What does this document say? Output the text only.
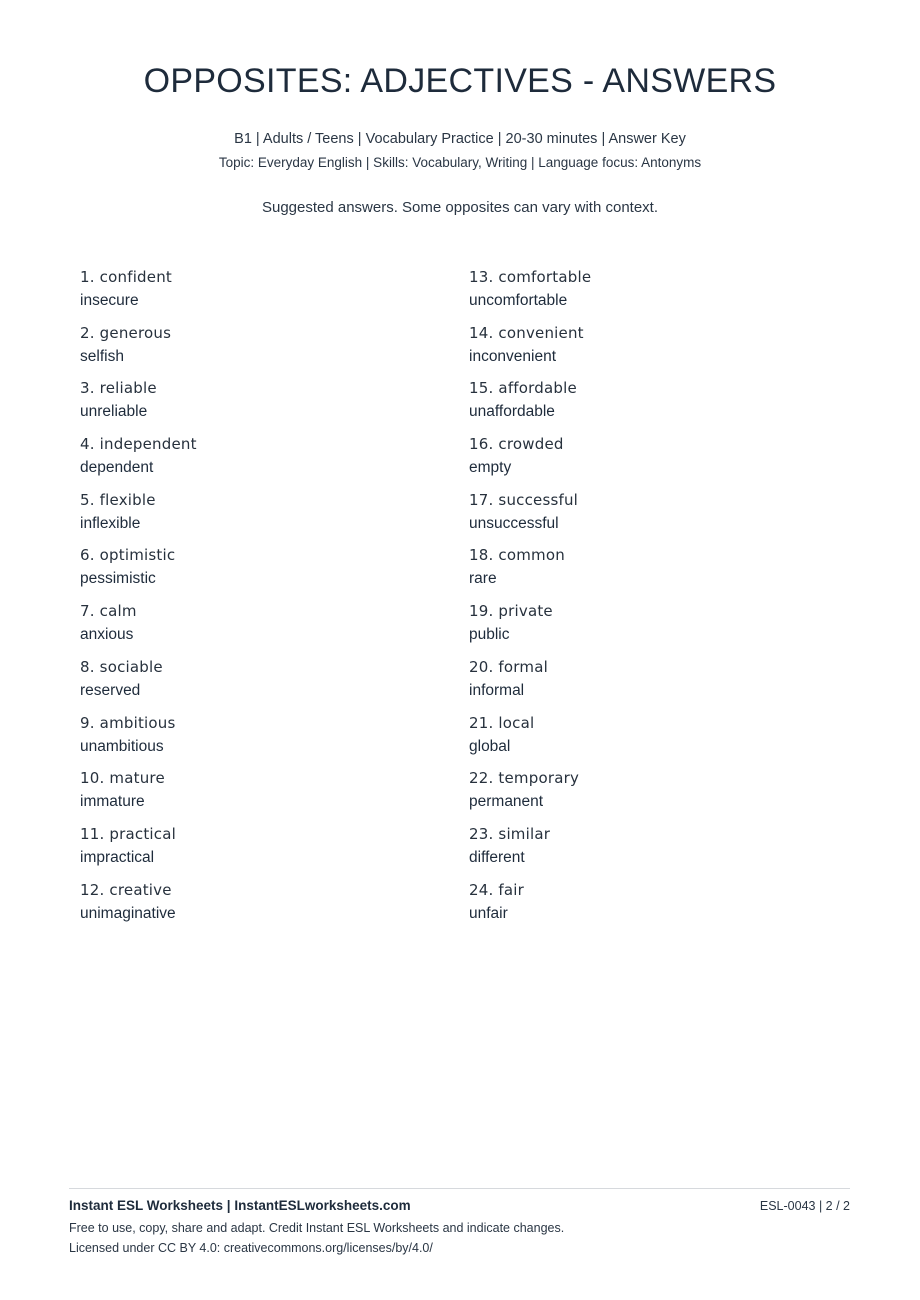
OPPOSITES: ADJECTIVES - ANSWERS
B1 | Adults / Teens | Vocabulary Practice | 20-30 minutes | Answer Key
Topic: Everyday English | Skills: Vocabulary, Writing | Language focus: Antonyms
Suggested answers. Some opposites can vary with context.
1. confident
insecure
2. generous
selfish
3. reliable
unreliable
4. independent
dependent
5. flexible
inflexible
6. optimistic
pessimistic
7. calm
anxious
8. sociable
reserved
9. ambitious
unambitious
10. mature
immature
11. practical
impractical
12. creative
unimaginative
13. comfortable
uncomfortable
14. convenient
inconvenient
15. affordable
unaffordable
16. crowded
empty
17. successful
unsuccessful
18. common
rare
19. private
public
20. formal
informal
21. local
global
22. temporary
permanent
23. similar
different
24. fair
unfair
Instant ESL Worksheets | InstantESLworksheets.com	ESL-0043 | 2 / 2
Free to use, copy, share and adapt. Credit Instant ESL Worksheets and indicate changes.
Licensed under CC BY 4.0: creativecommons.org/licenses/by/4.0/
